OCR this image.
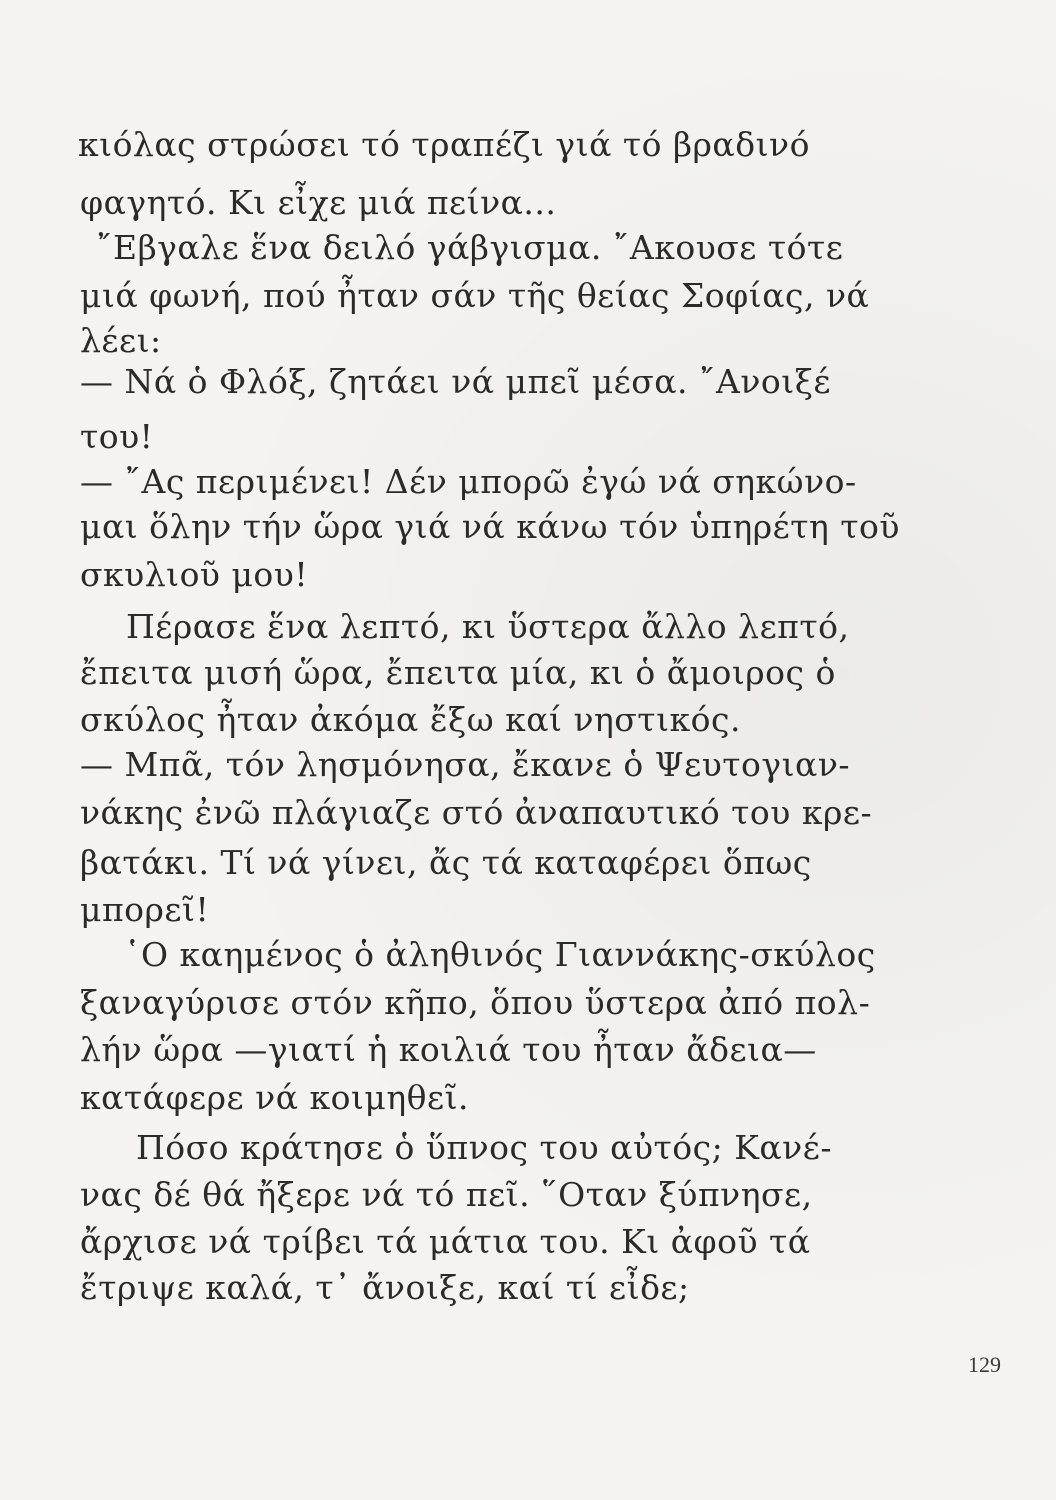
κιόλας στρώσει τό τραπέζι γιά τό βραδινό
φαγητό. Κι εἶχε μιά πείνα...
῎Εβγαλε ἕνα δειλό γάβγισμα. ῎Ακουσε τότε
μιά φωνή, πού ἦταν σάν τῆς θείας Σοφίας, νά
λέει:
— Νά ὁ Φλόξ, ζητάει νά μπεῖ μέσα. ῎Ανοιξέ
του!
— ῎Ας περιμένει! Δέν μπορῶ ἐγώ νά σηκώνο-
μαι ὅλην τήν ὥρα γιά νά κάνω τόν ὑπηρέτη τοῦ
σκυλιοῦ μου!
Πέρασε ἕνα λεπτό, κι ὕστερα ἄλλο λεπτό,
ἔπειτα μισή ὥρα, ἔπειτα μία, κι ὁ ἄμοιρος ὁ
σκύλος ἦταν ἀκόμα ἔξω καί νηστικός.
— Μπᾶ, τόν λησμόνησα, ἔκανε ὁ Ψευτογιαν-
νάκης ἐνῶ πλάγιαζε στό ἀναπαυτικό του κρε-
βατάκι. Τί νά γίνει, ἄς τά καταφέρει ὅπως
μπορεῖ!
῾Ο καημένος ὁ ἀληθινός Γιαννάκης-σκύλος
ξαναγύρισε στόν κῆπο, ὅπου ὕστερα ἀπό πολ-
λήν ὥρα —γιατί ἡ κοιλιά του ἦταν ἄδεια—
κατάφερε νά κοιμηθεῖ.
Πόσο κράτησε ὁ ὕπνος του αὐτός; Κανέ-
νας δέ θά ἤξερε νά τό πεῖ. ῞Οταν ξύπνησε,
ἄρχισε νά τρίβει τά μάτια του. Κι ἀφοῦ τά
ἔτριψε καλά, τ᾽ ἄνοιξε, καί τί εἶδε;
129
